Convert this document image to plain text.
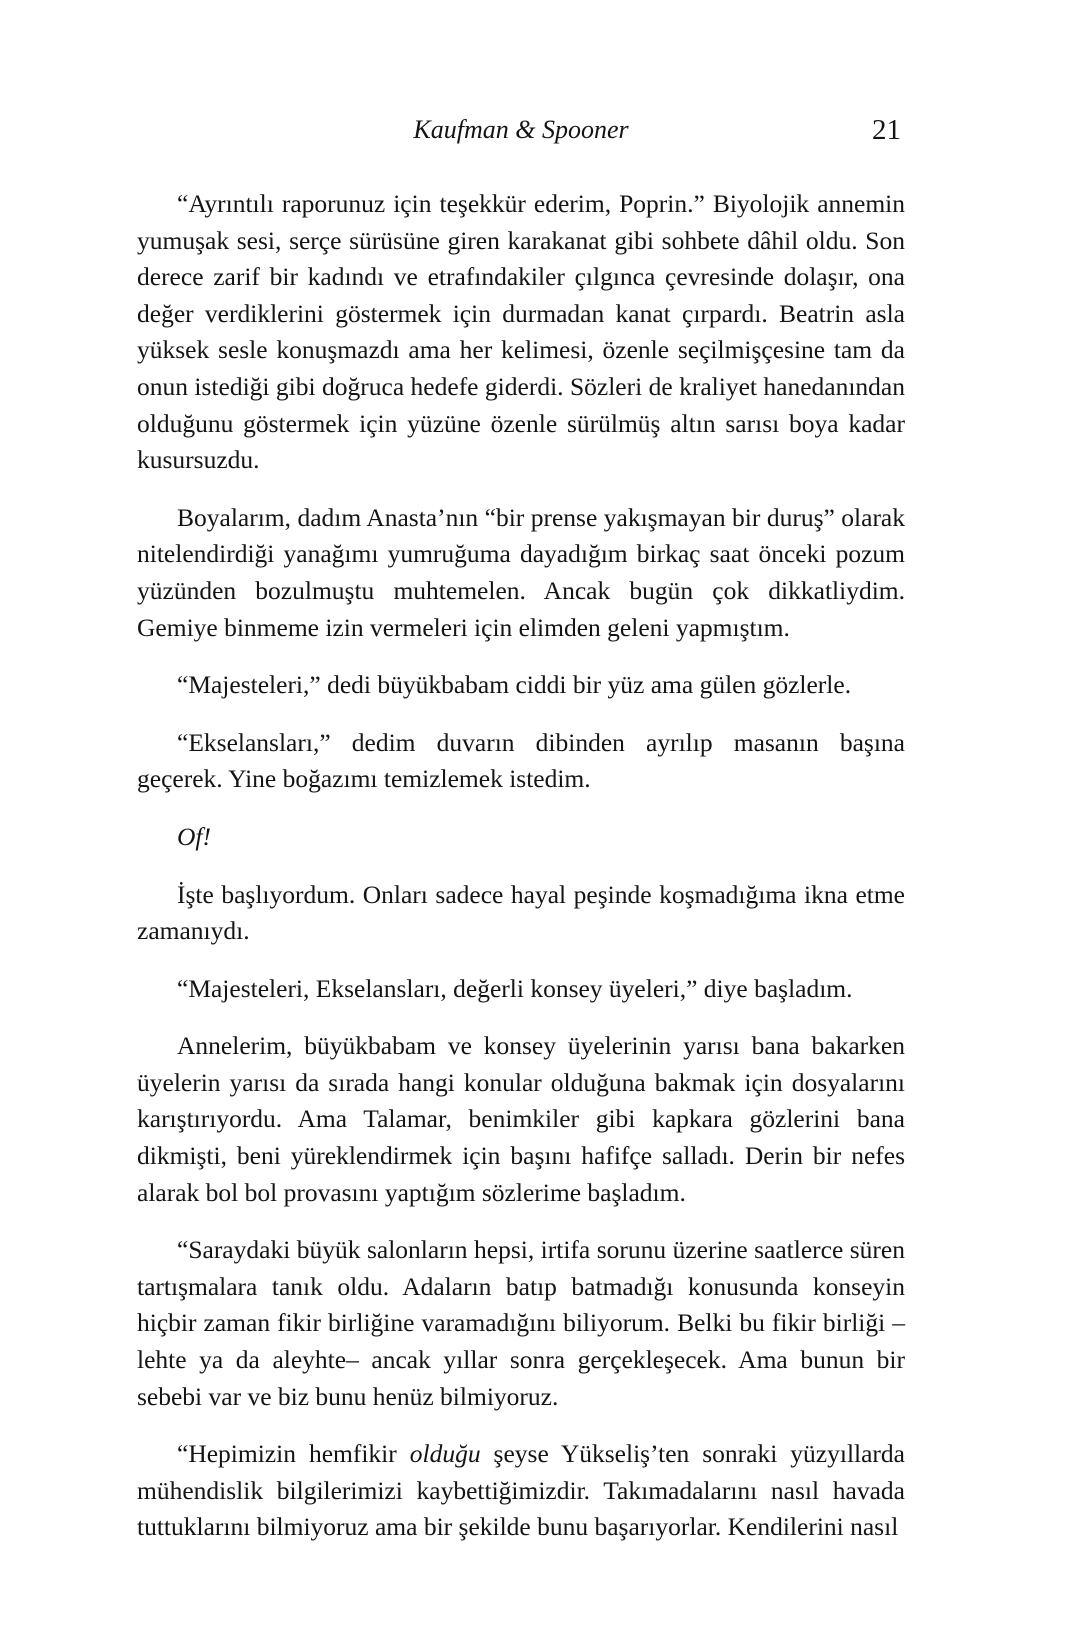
Kaufman & Spooner	21

“Ayrıntılı raporunuz için teşekkür ederim, Poprin.” Biyolojik annemin yumuşak sesi, serçe sürüsüne giren karakanat gibi sohbete dâhil oldu. Son derece zarif bir kadındı ve etrafındakiler çılgınca çevresinde dolaşır, ona değer verdiklerini göstermek için durmadan kanat çırpardı. Beatrin asla yüksek sesle konuşmazdı ama her kelimesi, özenle seçilmişçesine tam da onun istediği gibi doğruca hedefe giderdi. Sözleri de kraliyet hanedanından olduğunu göstermek için yüzüne özenle sürülmüş altın sarısı boya kadar kusursuzdu.

Boyalarım, dadım Anasta’nın “bir prense yakışmayan bir duruş” olarak nitelendirdiği yanağımı yumruğuma dayadığım birkaç saat önceki pozum yüzünden bozulmuştu muhtemelen. Ancak bugün çok dikkatliydim. Gemiye binmeme izin vermeleri için elimden geleni yapmıştım.

“Majesteleri,” dedi büyükbabam ciddi bir yüz ama gülen gözlerle.

“Ekselansları,” dedim duvarın dibinden ayrılıp masanın başına geçerek. Yine boğazımı temizlemek istedim.

Of!

İşte başlıyordum. Onları sadece hayal peşinde koşmadığıma ikna etme zamanıydı.

“Majesteleri, Ekselansları, değerli konsey üyeleri,” diye başladım.

Annelerim, büyükbabam ve konsey üyelerinin yarısı bana bakarken üyelerin yarısı da sırada hangi konular olduğuna bakmak için dosyalarını karıştırıyordu. Ama Talamar, benimkiler gibi kapkara gözlerini bana dikmişti, beni yüreklendirmek için başını hafifçe salladı. Derin bir nefes alarak bol bol provasını yaptığım sözlerime başladım.

“Saraydaki büyük salonların hepsi, irtifa sorunu üzerine saatlerce süren tartışmalara tanık oldu. Adaların batıp batmadığı konusunda konseyin hiçbir zaman fikir birliğine varamadığını biliyorum. Belki bu fikir birliği –lehte ya da aleyhte– ancak yıllar sonra gerçekleşecek. Ama bunun bir sebebi var ve biz bunu henüz bilmiyoruz.

“Hepimizin hemfikir olduğu şeyse Yükseliş’ten sonraki yüzyıllarda mühendislik bilgilerimizi kaybettiğimizdir. Takımadalarını nasıl havada tuttuklarını bilmiyoruz ama bir şekilde bunu başarıyorlar. Kendilerini nasıl
